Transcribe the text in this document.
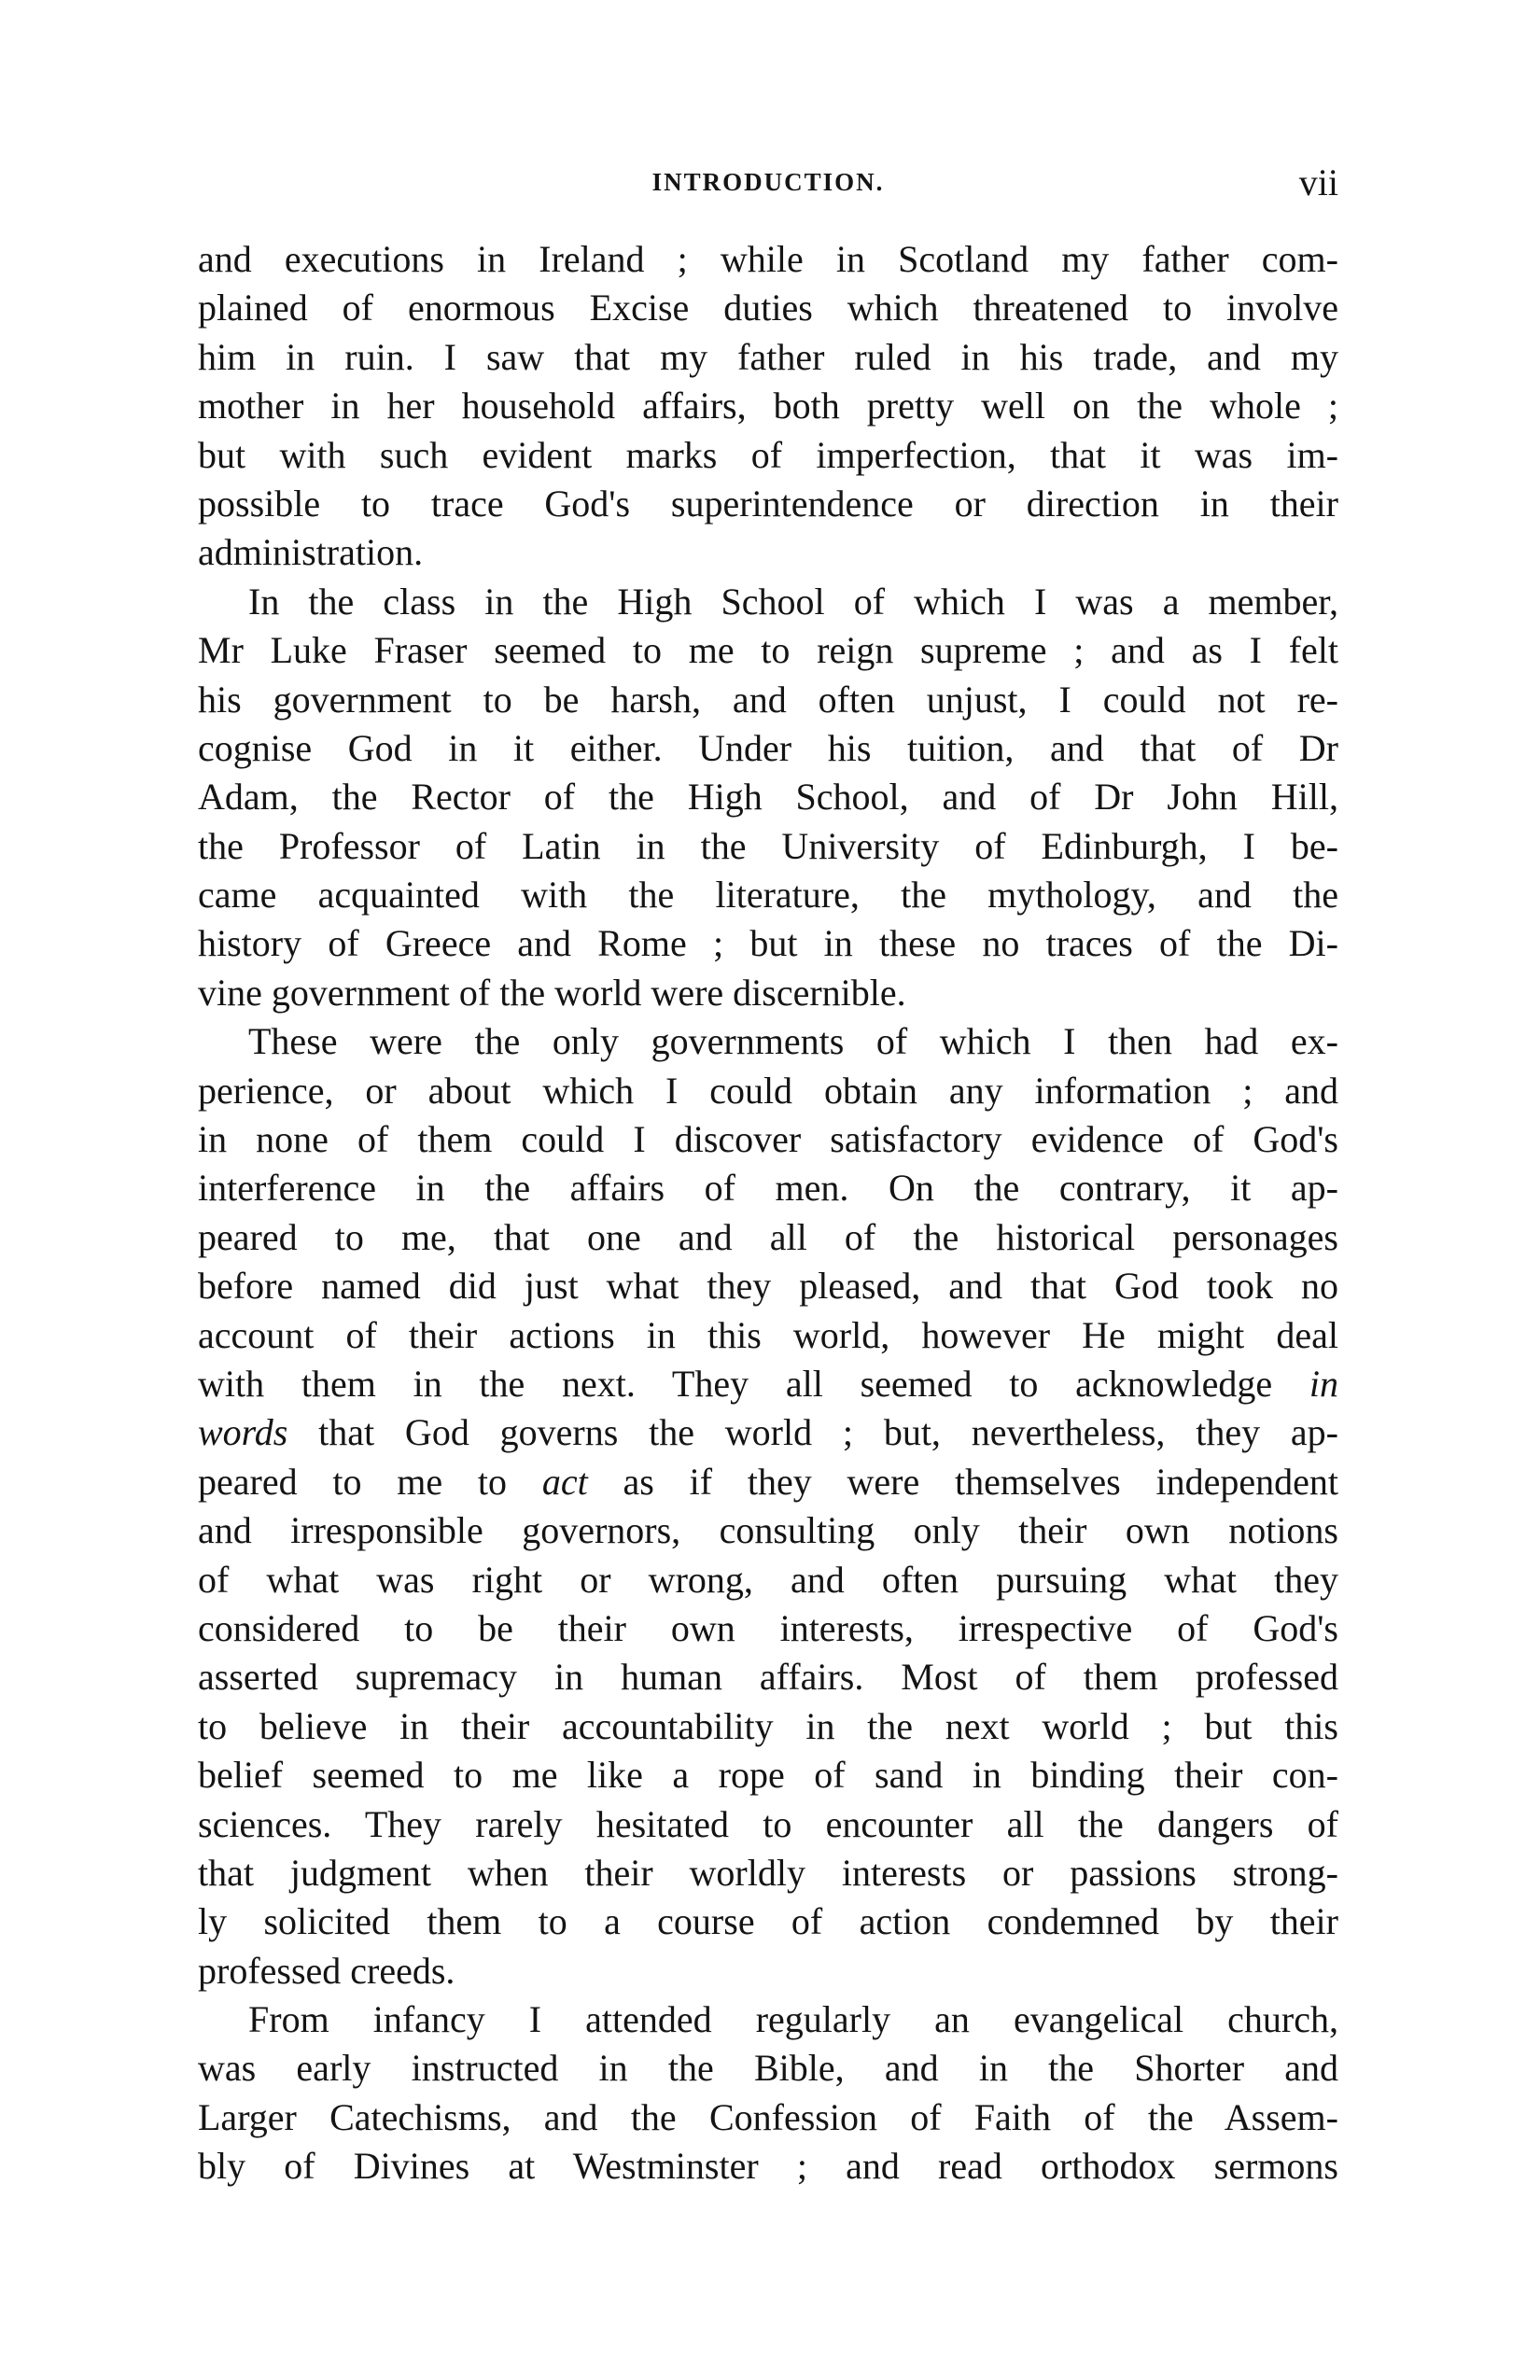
INTRODUCTION.	vii
and executions in Ireland ; while in Scotland my father com-
plained of enormous Excise duties which threatened to involve
him in ruin. I saw that my father ruled in his trade, and my
mother in her household affairs, both pretty well on the whole ;
but with such evident marks of imperfection, that it was im-
possible to trace God's superintendence or direction in their
administration.
In the class in the High School of which I was a member,
Mr Luke Fraser seemed to me to reign supreme ; and as I felt
his government to be harsh, and often unjust, I could not re-
cognise God in it either. Under his tuition, and that of Dr
Adam, the Rector of the High School, and of Dr John Hill,
the Professor of Latin in the University of Edinburgh, I be-
came acquainted with the literature, the mythology, and the
history of Greece and Rome ; but in these no traces of the Di-
vine government of the world were discernible.
These were the only governments of which I then had ex-
perience, or about which I could obtain any information ; and
in none of them could I discover satisfactory evidence of God's
interference in the affairs of men. On the contrary, it ap-
peared to me, that one and all of the historical personages
before named did just what they pleased, and that God took no
account of their actions in this world, however He might deal
with them in the next. They all seemed to acknowledge in
words that God governs the world ; but, nevertheless, they ap-
peared to me to act as if they were themselves independent
and irresponsible governors, consulting only their own notions
of what was right or wrong, and often pursuing what they
considered to be their own interests, irrespective of God's
asserted supremacy in human affairs. Most of them professed
to believe in their accountability in the next world ; but this
belief seemed to me like a rope of sand in binding their con-
sciences. They rarely hesitated to encounter all the dangers of
that judgment when their worldly interests or passions strong-
ly solicited them to a course of action condemned by their
professed creeds.
From infancy I attended regularly an evangelical church,
was early instructed in the Bible, and in the Shorter and
Larger Catechisms, and the Confession of Faith of the Assem-
bly of Divines at Westminster ; and read orthodox sermons
